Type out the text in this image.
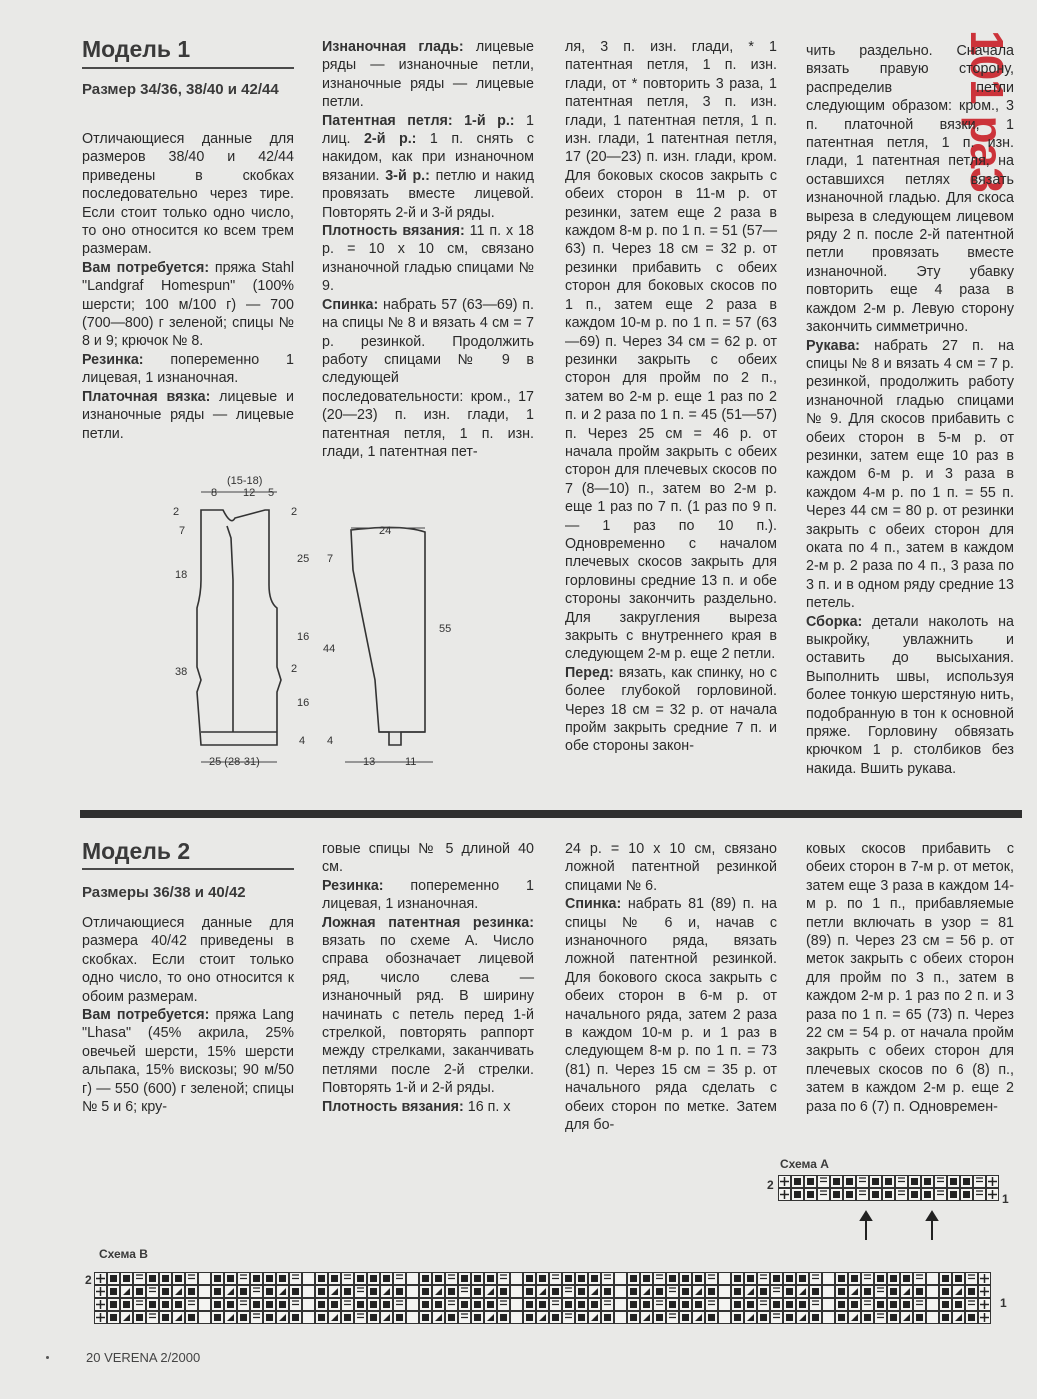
101 pa3
Модель 1
Размер 34/36, 38/40 и 42/44

Отличающиеся данные для размеров 38/40 и 42/44 приведены в скобках последовательно через тире. Если стоит только одно число, то оно относится ко всем трем размерам.

Вам потребуется: пряжа Stahl "Landgraf Homespun" (100% шерсти; 100 м/100 г) — 700 (700—800) г зеленой; спицы № 8 и 9; крючок № 8.

Резинка: попеременно 1 лицевая, 1 изнаночная.

Платочная вязка: лицевые и изнаночные ряды — лицевые петли.

Изнаночная гладь: лицевые ряды — изнаночные петли, изнаночные ряды — лицевые петли.

Патентная петля: 1-й р.: 1 лиц. 2-й р.: 1 п. снять с накидом, как при изнаночном вязании. 3-й р.: петлю и накид провязать вместе лицевой. Повторять 2-й и 3-й ряды.

Плотность вязания: 11 п. x 18 р. = 10 x 10 см, связано изнаночной гладью спицами № 9.

Спинка: набрать 57 (63—69) п. на спицы № 8 и вязать 4 см = 7 р. резинкой. Продолжить работу спицами № 9 в следующей последовательности: кром., 17 (20—23) п. изн. глади, 1 патентная петля, 1 п. изн. глади, 1 патентная пет-

ля, 3 п. изн. глади, * 1 патентная петля, 1 п. изн. глади, от * повторить 3 раза, 1 патентная петля, 3 п. изн. глади, 1 патентная петля, 1 п. изн. глади, 1 патентная петля, 17 (20—23) п. изн. глади, кром. Для боковых скосов закрыть с обеих сторон в 11-м р. от резинки, затем еще 2 раза в каждом 8-м р. по 1 п. = 51 (57—63) п. Через 18 см = 32 р. от резинки прибавить с обеих сторон для боковых скосов по 1 п., затем еще 2 раза в каждом 10-м р. по 1 п. = 57 (63—69) п. Через 34 см = 62 р. от резинки закрыть с обеих сторон для пройм по 2 п., затем во 2-м р. еще 1 раз по 2 п. и 2 раза по 1 п. = 45 (51—57) п. Через 25 см = 46 р. от начала пройм закрыть с обеих сторон для плечевых скосов по 7 (8—10) п., затем во 2-м р. еще 1 раз по 7 п. (1 раз по 9 п. — 1 раз по 10 п.). Одновременно с началом плечевых скосов закрыть для горловины средние 13 п. и обе стороны закончить раздельно. Для закругления выреза закрыть с внутреннего края в следующем 2-м р. еще 2 петли.

Перед: вязать, как спинку, но с более глубокой горловиной. Через 18 см = 32 р. от начала пройм закрыть средние 7 п. и обе стороны закон-

чить раздельно. Сначала вязать правую сторону, распределив петли следующим образом: кром., 3 п. платочной вязки, 1 патентная петля, 1 п. изн. глади, 1 патентная петля, на оставшихся петлях вязать изнаночной гладью. Для скоса выреза в следующем лицевом ряду 2 п. после 2-й патентной петли провязать вместе изнаночной. Эту убавку повторить еще 4 раза в каждом 2-м р. Левую сторону закончить симметрично.

Рукава: набрать 27 п. на спицы № 8 и вязать 4 см = 7 р. резинкой, продолжить работу изнаночной гладью спицами № 9. Для скосов прибавить с обеих сторон в 5-м р. от резинки, затем еще 10 раз в каждом 6-м р. и 3 раза в каждом 4-м р. по 1 п. = 55 п. Через 44 см = 80 р. от резинки закрыть с обеих сторон для оката по 4 п., затем в каждом 2-м р. 2 раза по 4 п., 3 раза по 3 п. и в одном ряду средние 13 петель.

Сборка: детали наколоть на выкройку, увлажнить и оставить до высыхания. Выполнить швы, используя более тонкую шерстяную нить, подобранную в тон к основной пряже. Горловину обвязать крючком 1 р. столбиков без накида. Вшить рукава.

(15-18)
8 12 5
2
7
18
38
2
25
16
2
16
4
25 (28-31)
24
7
44
4
55
13	11
Модель 2
Размеры 36/38 и 40/42

Отличающиеся данные для размера 40/42 приведены в скобках. Если стоит только одно число, то оно относится к обоим размерам.

Вам потребуется: пряжа Lang "Lhasa" (45% акрила, 25% овечьей шерсти, 15% шерсти альпака, 15% вискозы; 90 м/50 г) — 550 (600) г зеленой; спицы № 5 и 6; кру-

говые спицы № 5 длиной 40 см.

Резинка: попеременно 1 лицевая, 1 изнаночная.

Ложная патентная резинка: вязать по схеме А. Число справа обозначает лицевой ряд, число слева — изнаночный ряд. В ширину начинать с петель перед 1-й стрелкой, повторять раппорт между стрелками, заканчивать петлями после 2-й стрелки. Повторять 1-й и 2-й ряды.

Плотность вязания: 16 п. x

24 р. = 10 x 10 см, связано ложной патентной резинкой спицами № 6.

Спинка: набрать 81 (89) п. на спицы № 6 и, начав с изнаночного ряда, вязать ложной патентной резинкой. Для бокового скоса закрыть с обеих сторон в 6-м р. от начального ряда, затем 2 раза в каждом 10-м р. и 1 раз в следующем 8-м р. по 1 п. = 73 (81) п. Через 15 см = 35 р. от начального ряда сделать с обеих сторон по метке. Затем для бо-

ковых скосов прибавить с обеих сторон в 7-м р. от меток, затем еще 3 раза в каждом 14-м р. по 1 п., прибавляемые петли включать в узор = 81 (89) п. Через 23 см = 56 р. от меток закрыть с обеих сторон для пройм по 3 п., затем в каждом 2-м р. 1 раз по 2 п. и 3 раза по 1 п. = 65 (73) п. Через 22 см = 54 р. от начала пройм закрыть с обеих сторон для плечевых скосов по 6 (8) п., затем в каждом 2-м р. еще 2 раза по 6 (7) п. Одновремен-

Схема А
2
1
Схема В
2
1
20 VERENA 2/2000
